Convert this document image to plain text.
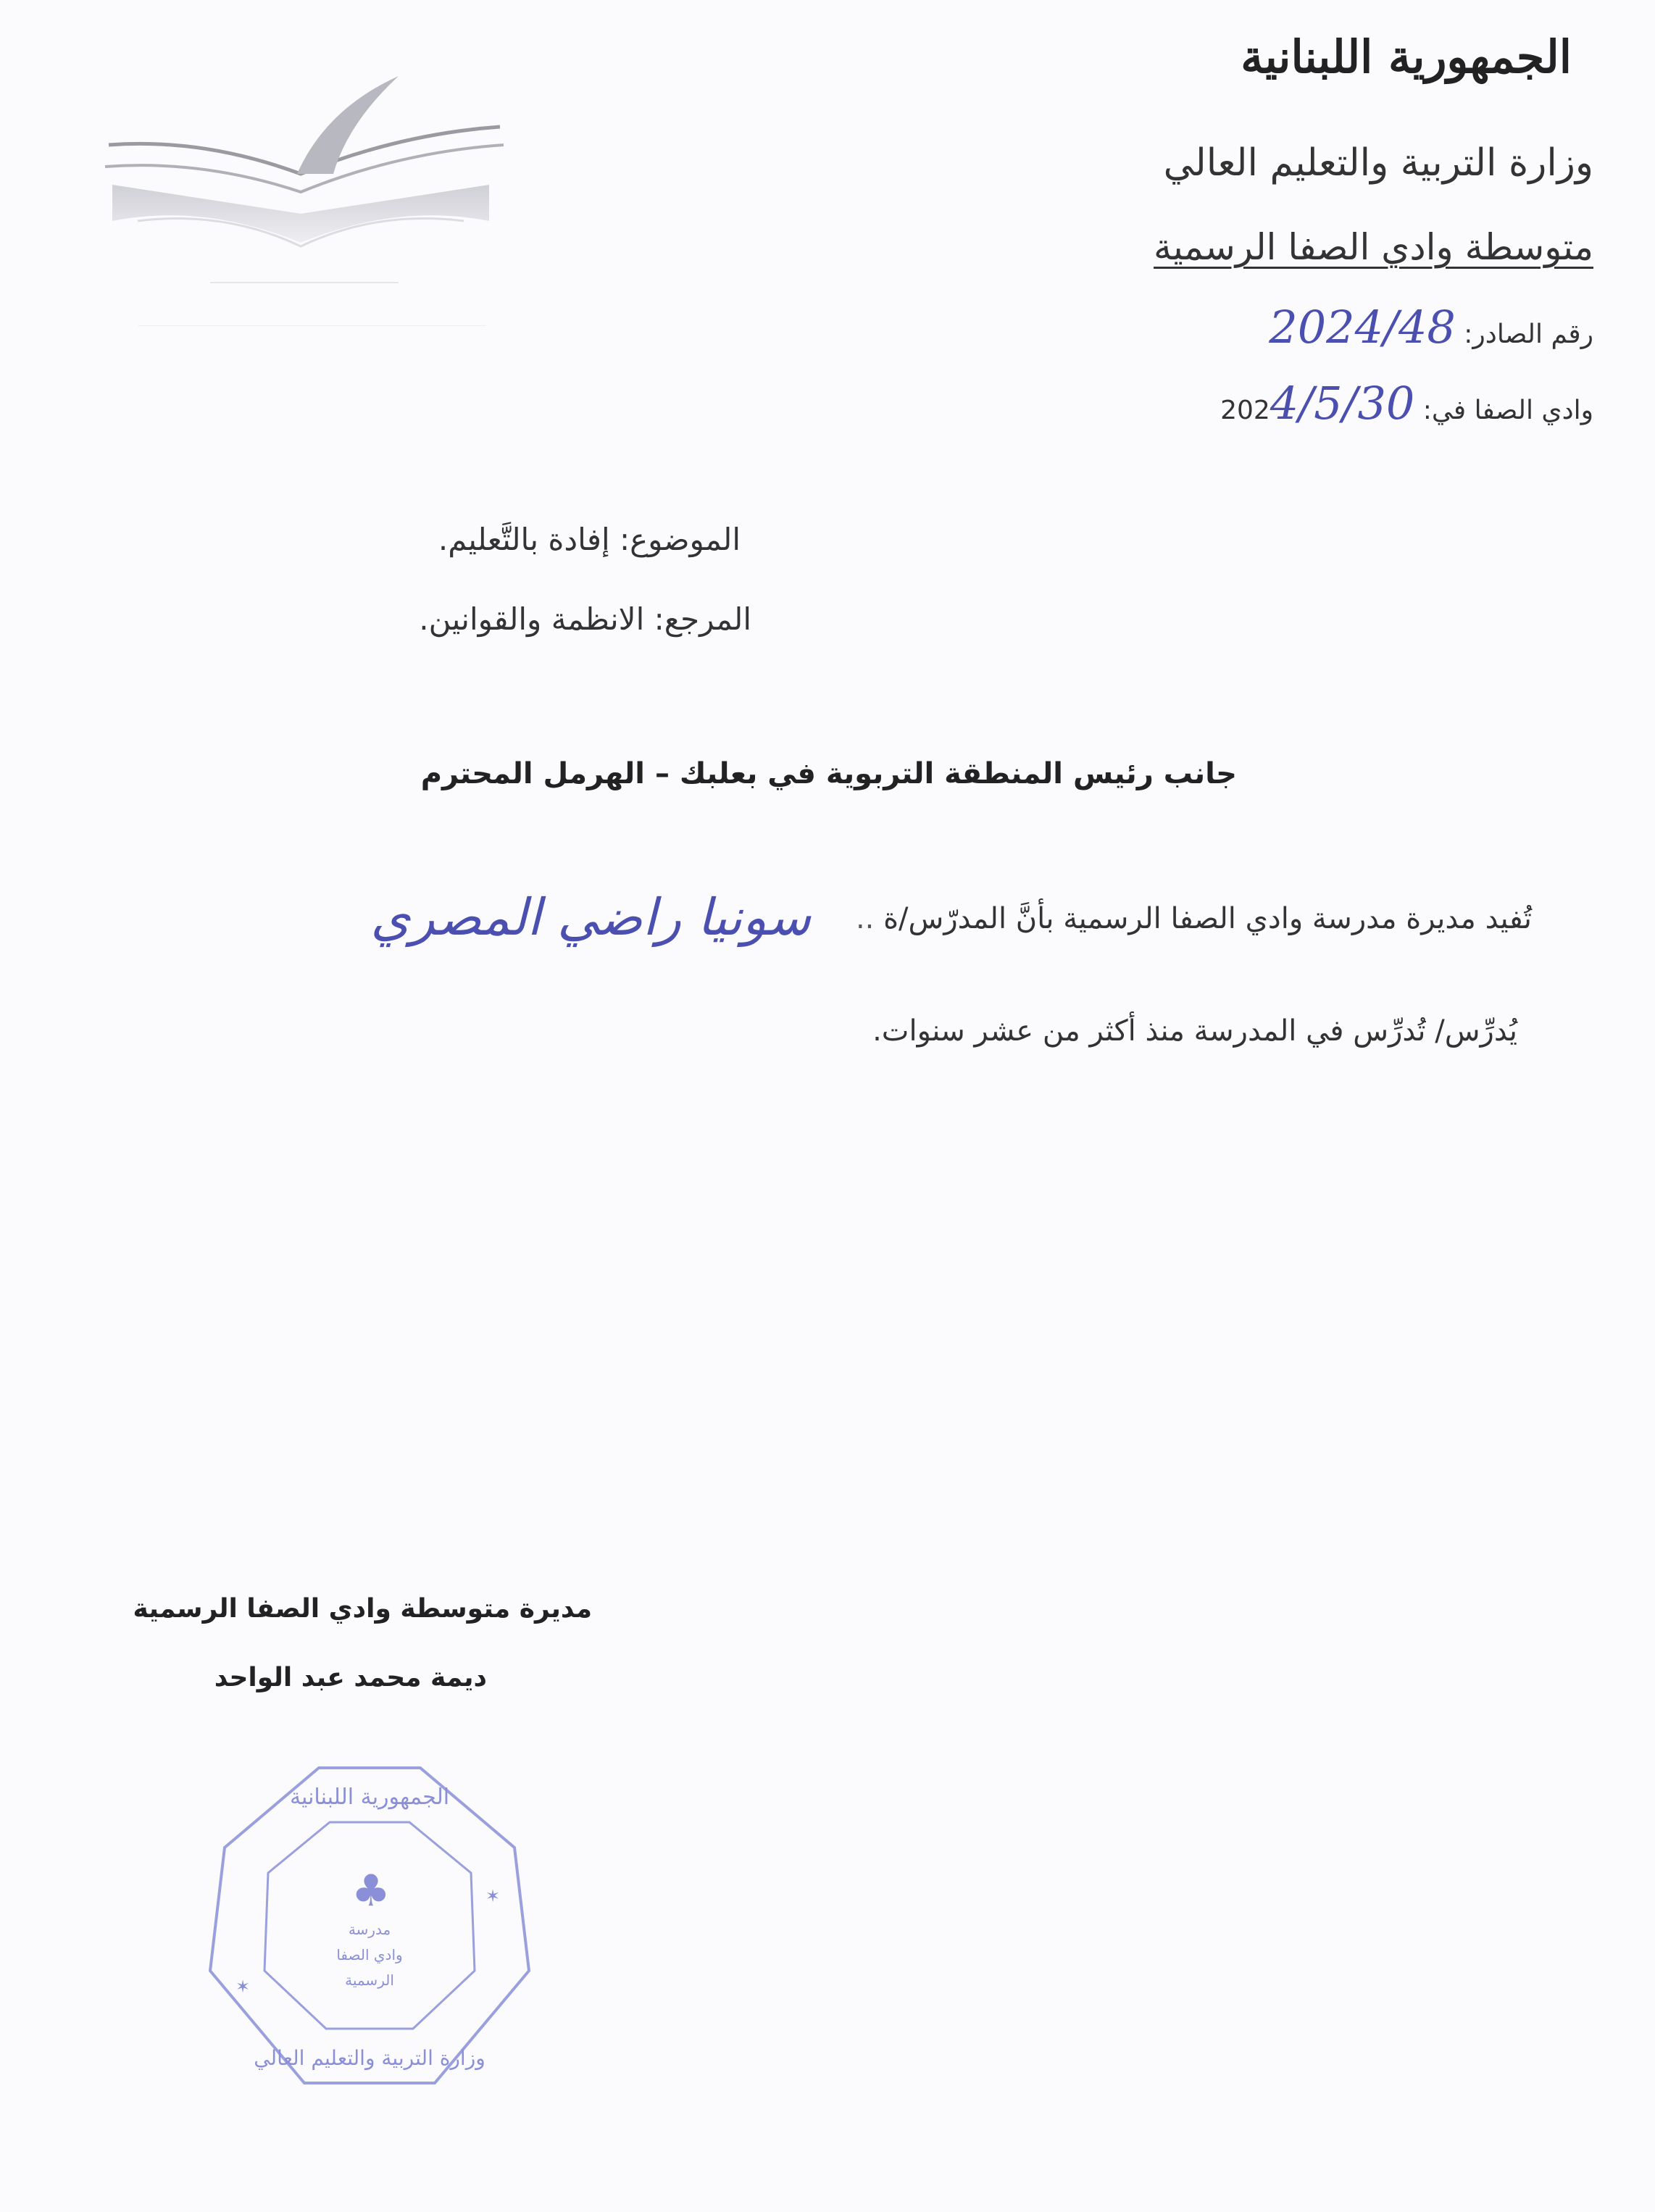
الجمهورية اللبنانية
وزارة التربية والتعليم العالي
متوسطة وادي الصفا الرسمية
رقم الصادر: 2024/48
وادي الصفا في: 2024/5/30
الموضوع: إفادة بالتَّعليم.
المرجع: الانظمة والقوانين.
جانب رئيس المنطقة التربوية في بعلبك – الهرمل المحترم
تُفيد مديرة مدرسة وادي الصفا الرسمية بأنَّ المدرّس/ة ..
سونيا راضي المصري
يُدرِّس/ تُدرِّس في المدرسة منذ أكثر من عشر سنوات.
مديرة متوسطة وادي الصفا الرسمية
ديمة محمد عبد الواحد
✶
✶
♣
الجمهورية اللبنانية
وزارة التربية والتعليم العالي
مدرسة
وادي الصفا
الرسمية
